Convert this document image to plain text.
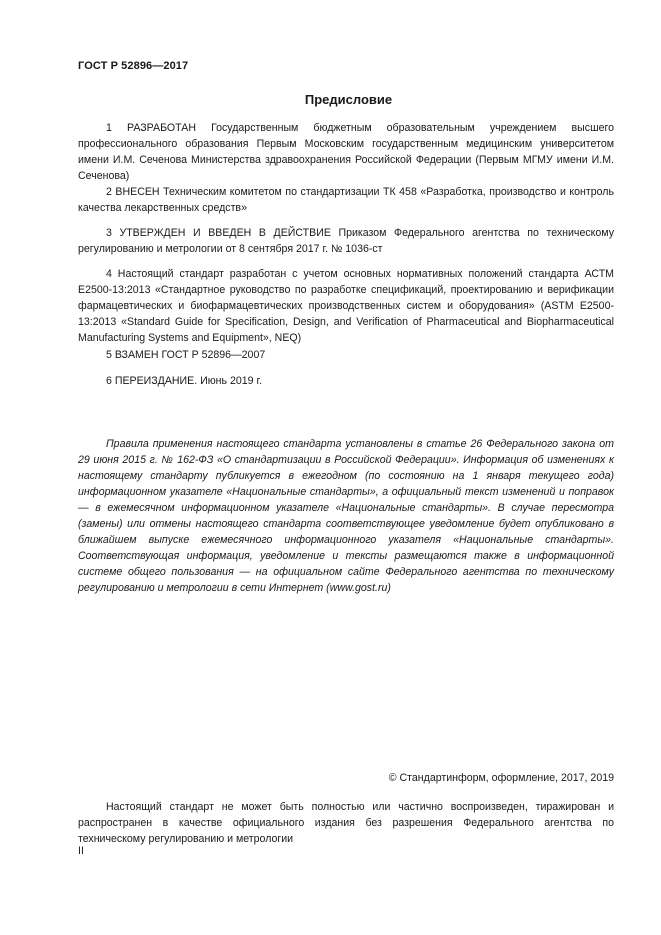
ГОСТ Р 52896—2017
Предисловие

1 РАЗРАБОТАН Государственным бюджетным образовательным учреждением высшего профессионального образования Первым Московским государственным медицинским университетом имени И.М. Сеченова Министерства здравоохранения Российской Федерации (Первым МГМУ имени И.М. Сеченова)

2 ВНЕСЕН Техническим комитетом по стандартизации ТК 458 «Разработка, производство и контроль качества лекарственных средств»

3 УТВЕРЖДЕН И ВВЕДЕН В ДЕЙСТВИЕ Приказом Федерального агентства по техническому регулированию и метрологии от 8 сентября 2017 г. № 1036-ст

4 Настоящий стандарт разработан с учетом основных нормативных положений стандарта АСТМ Е2500-13:2013 «Стандартное руководство по разработке спецификаций, проектированию и верификации фармацевтических и биофармацевтических производственных систем и оборудования» (ASTM E2500-13:2013 «Standard Guide for Specification, Design, and Verification of Pharmaceutical and Biopharmaceutical Manufacturing Systems and Equipment», NEQ)

5 ВЗАМЕН ГОСТ Р 52896—2007

6 ПЕРЕИЗДАНИЕ. Июнь 2019 г.

Правила применения настоящего стандарта установлены в статье 26 Федерального закона от 29 июня 2015 г. № 162-ФЗ «О стандартизации в Российской Федерации». Информация об изменениях к настоящему стандарту публикуется в ежегодном (по состоянию на 1 января текущего года) информационном указателе «Национальные стандарты», а официальный текст изменений и поправок — в ежемесячном информационном указателе «Национальные стандарты». В случае пересмотра (замены) или отмены настоящего стандарта соответствующее уведомление будет опубликовано в ближайшем выпуске ежемесячного информационного указателя «Национальные стандарты». Соответствующая информация, уведомление и тексты размещаются также в информационной системе общего пользования — на официальном сайте Федерального агентства по техническому регулированию и метрологии в сети Интернет (www.gost.ru)

© Стандартинформ, оформление, 2017, 2019

Настоящий стандарт не может быть полностью или частично воспроизведен, тиражирован и распространен в качестве официального издания без разрешения Федерального агентства по техническому регулированию и метрологии

II
